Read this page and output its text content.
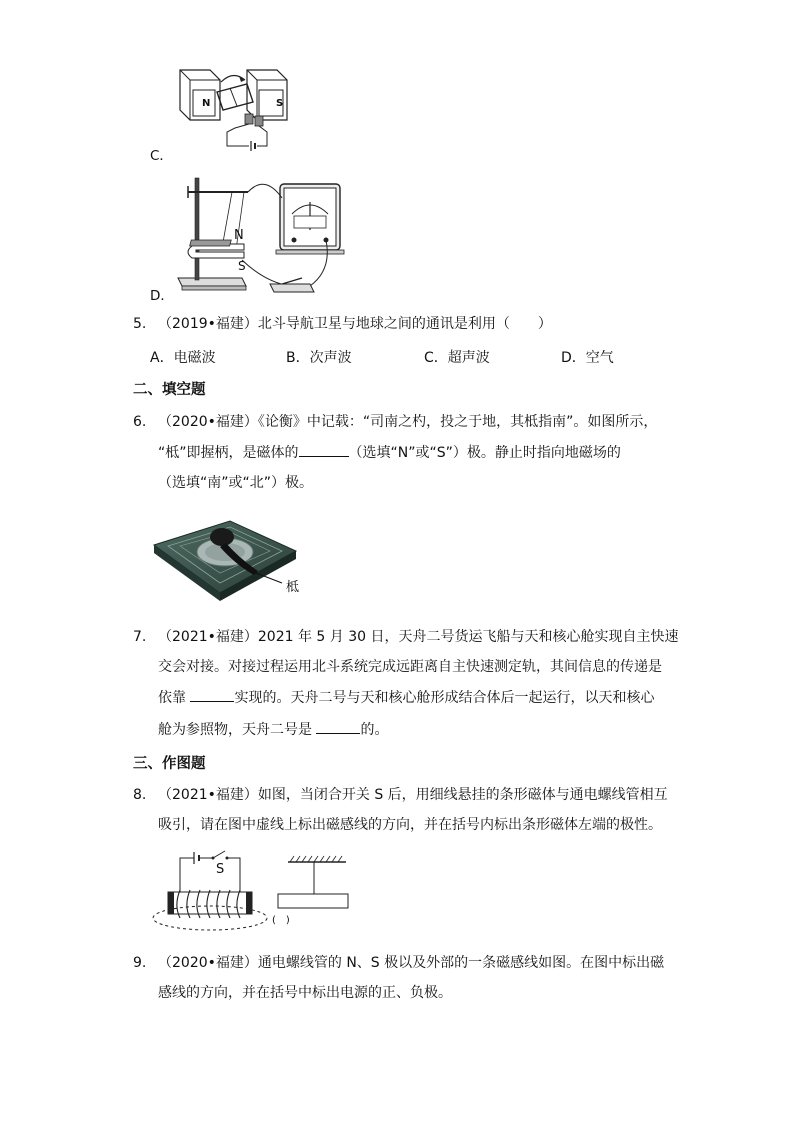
N	S
C．
N
S
D．
5. （2019•福建）北斗导航卫星与地球之间的通讯是利用（　　）
A．电磁波	B．次声波	C．超声波	D．空气
二、填空题
6. （2020•福建）《论衡》中记载：“司南之杓，投之于地，其柢指南”。如图所示，
“柢”即握柄，是磁体的	（选填“N”或“S”）极。静止时指向地磁场的
（选填“南”或“北”）极。
柢
7. （2021•福建）2021 年 5 月 30 日，天舟二号货运飞船与天和核心舱实现自主快速
交会对接。对接过程运用北斗系统完成远距离自主快速测定轨，其间信息的传递是
依靠	实现的。天舟二号与天和核心舱形成结合体后一起运行，以天和核心
舱为参照物，天舟二号是	的。
三、作图题
8. （2021•福建）如图，当闭合开关 S 后，用细线悬挂的条形磁体与通电螺线管相互
吸引，请在图中虚线上标出磁感线的方向，并在括号内标出条形磁体左端的极性。
S
(　)
9. （2020•福建）通电螺线管的 N、S 极以及外部的一条磁感线如图。在图中标出磁
感线的方向，并在括号中标出电源的正、负极。
